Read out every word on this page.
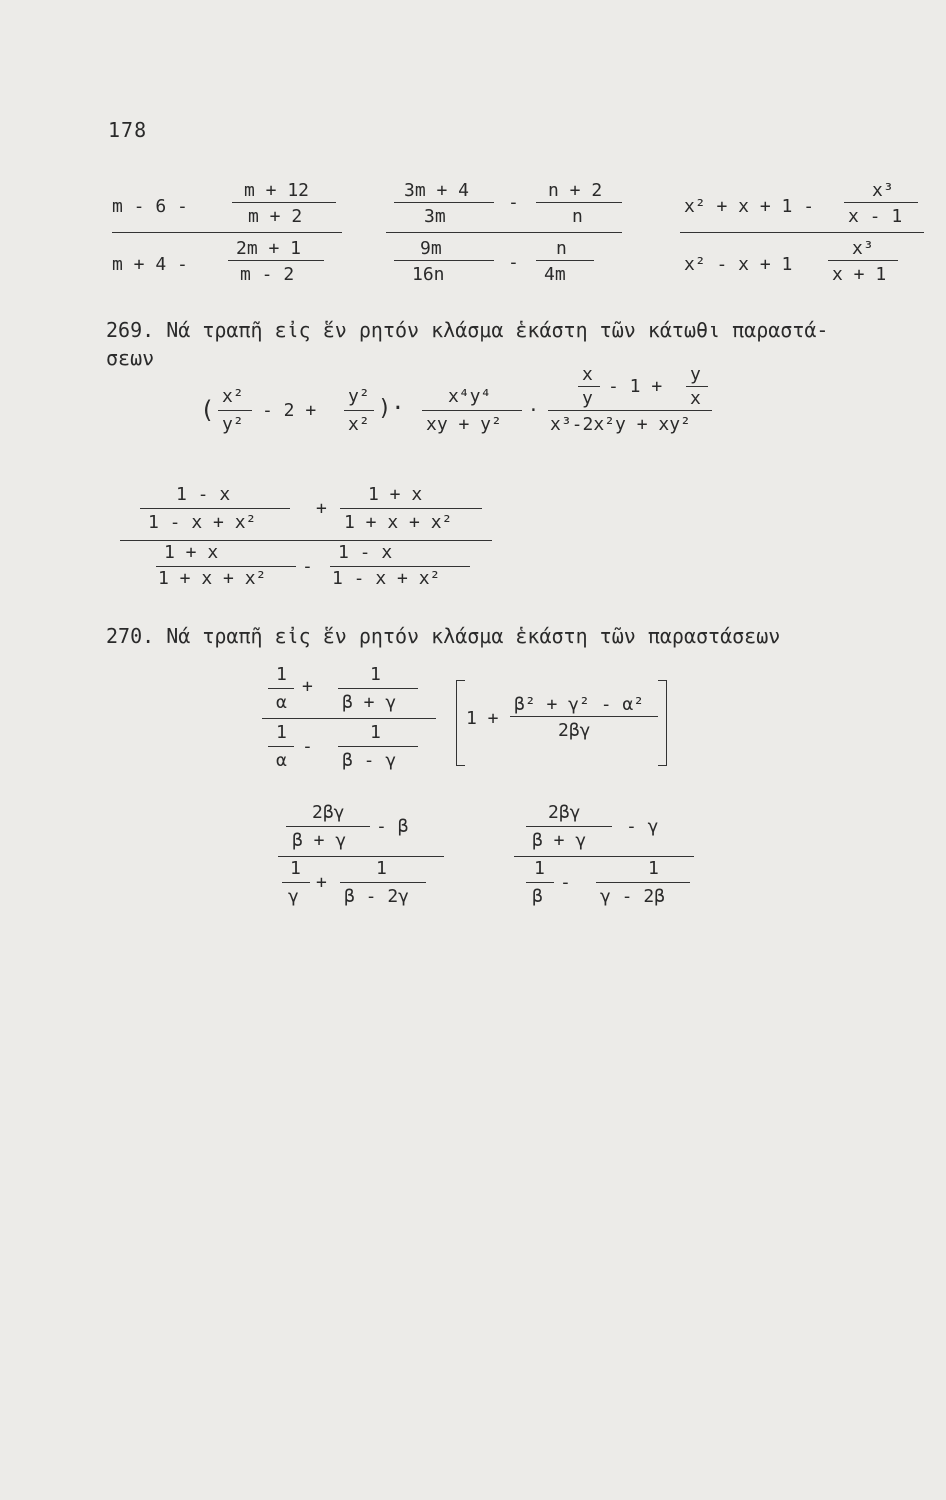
178
m - 6 -
m + 12
m + 2
m + 4 -
2m + 1
m - 2
3m + 4
3m
-
n + 2
n
9m
16n
-
n
4m
x² + x + 1 -
x³
x - 1
x² - x + 1
x³
x + 1
269. Νά τραπῆ εἰς ἕν ρητόν κλάσμα ἑκάστη τῶν κάτωθι παραστά-
σεων
( x²
y²
- 2 +
y²
x²
)· x⁴y⁴
xy + y²
·
x
y
- 1 +
y
x
x³-2x²y + xy²
1 - x
1 - x + x²
+
1 + x
1 + x + x²
1 + x
1 + x + x²
-
1 - x
1 - x + x²
270. Νά τραπῆ εἰς ἕν ρητόν κλάσμα ἑκάστη τῶν παραστάσεων
1
α
+
1
β + γ
1
α
-
1
β - γ
1 +
β² + γ² - α²
2βγ
2βγ
β + γ
- β
1
γ
+
1
β - 2γ
2βγ
β + γ
- γ
1
β
-
1
γ - 2β
